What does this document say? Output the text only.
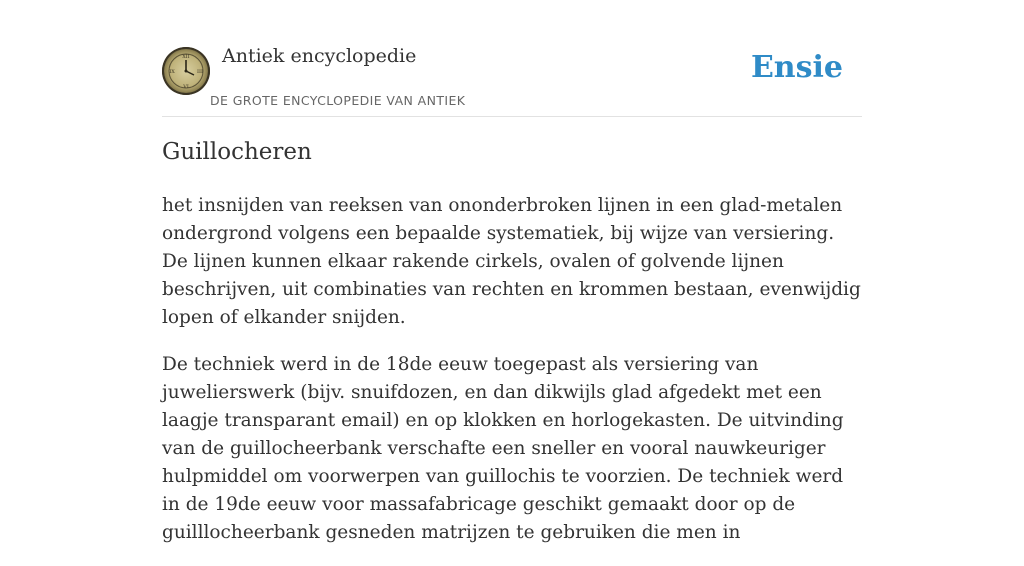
XII
III
VI
IX
Antiek encyclopedie
DE GROTE ENCYCLOPEDIE VAN ANTIEK
Ensie
Guillocheren

het insnijden van reeksen van ononderbroken lijnen in een glad-metalen ondergrond volgens een bepaalde systematiek, bij wijze van versiering. De lijnen kunnen elkaar rakende cirkels, ovalen of golvende lijnen beschrijven, uit combinaties van rechten en krommen bestaan, evenwijdig lopen of elkander snijden.

De techniek werd in de 18de eeuw toegepast als versiering van juwelierswerk (bijv. snuifdozen, en dan dikwijls glad afgedekt met een laagje transparant email) en op klokken en horlogekasten. De uitvinding van de guillocheerbank verschafte een sneller en vooral nauwkeuriger hulpmiddel om voorwerpen van guillochis te voorzien. De techniek werd in de 19de eeuw voor massafabricage geschikt gemaakt door op de guilllocheerbank gesneden matrijzen te gebruiken die men in
